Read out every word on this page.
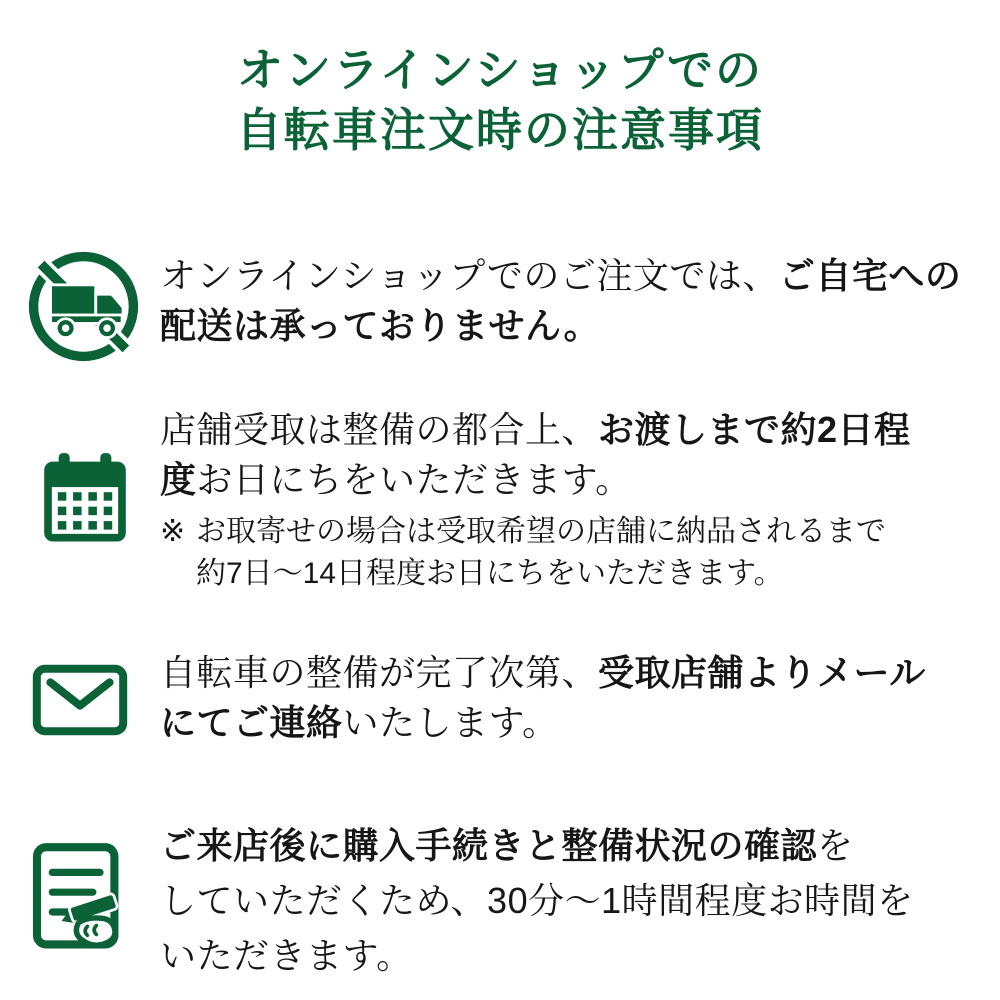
オンラインショップでの
自転車注文時の注意事項
オンラインショップでのご注文では、ご自宅への
配送は承っておりません。
店舗受取は整備の都合上、お渡しまで約2日程
度お日にちをいただきます。
※ お取寄せの場合は受取希望の店舗に納品されるまで
約7日〜14日程度お日にちをいただきます。
自転車の整備が完了次第、受取店舗よりメール
にてご連絡いたします。
ご来店後に購入手続きと整備状況の確認を
していただくため、30分〜1時間程度お時間を
いただきます。
